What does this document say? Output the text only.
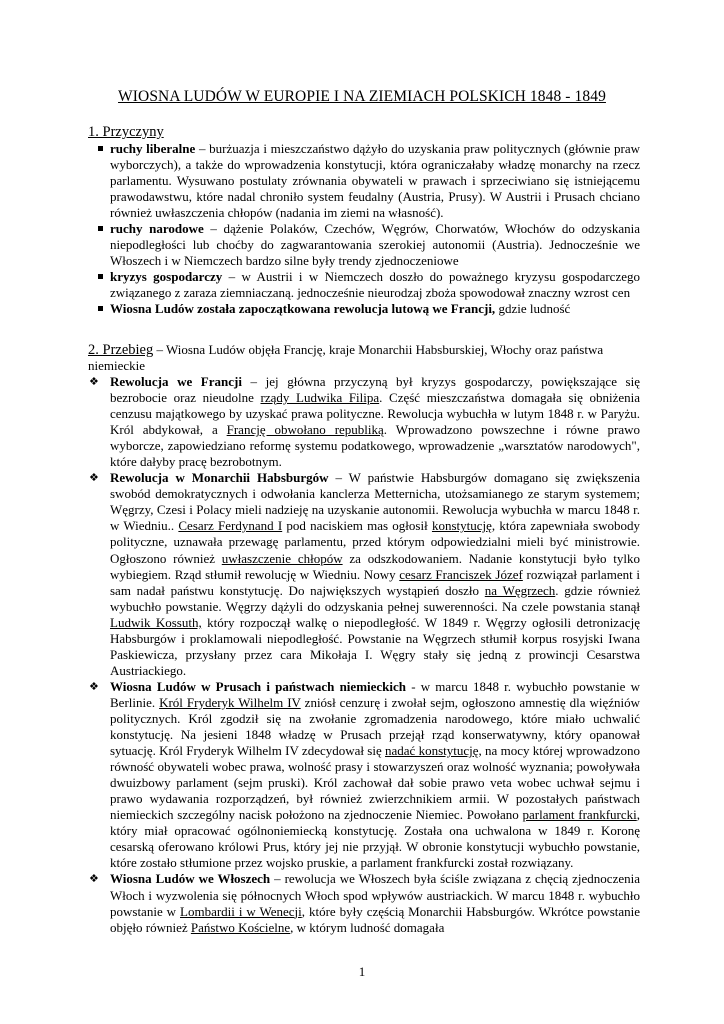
WIOSNA LUDÓW W EUROPIE I NA ZIEMIACH POLSKICH 1848 - 1849
1. Przyczyny
ruchy liberalne – burżuazja i mieszczaństwo dążyło do uzyskania praw politycznych (głównie praw wyborczych), a także do wprowadzenia konstytucji, która ograniczałaby władzę monarchy na rzecz parlamentu. Wysuwano postulaty zrównania obywateli w prawach i sprzeciwiano się istniejącemu prawodawstwu, które nadal chroniło system feudalny (Austria, Prusy). W Austrii i Prusach chciano również uwłaszczenia chłopów (nadania im ziemi na własność).
ruchy narodowe – dążenie Polaków, Czechów, Węgrów, Chorwatów, Włochów do odzyskania niepodległości lub choćby do zagwarantowania szerokiej autonomii (Austria). Jednocześnie we Włoszech i w Niemczech bardzo silne były trendy zjednoczeniowe
kryzys gospodarczy – w Austrii i w Niemczech doszło do poważnego kryzysu gospodarczego związanego z zaraza ziemniaczaną. jednocześnie nieurodzaj zboża spowodował znaczny wzrost cen
Wiosna Ludów została zapoczątkowana rewolucja lutową we Francji, gdzie ludność
2. Przebieg – Wiosna Ludów objęła Francję, kraje Monarchii Habsburskiej, Włochy oraz państwa niemieckie
❖ Rewolucja we Francji – jej główna przyczyną był kryzys gospodarczy, powiększające się bezrobocie oraz nieudolne rządy Ludwika Filipa. Część mieszczaństwa domagała się obniżenia cenzusu majątkowego by uzyskać prawa polityczne. Rewolucja wybuchła w lutym 1848 r. w Paryżu. Król abdykował, a Francję obwołano republiką. Wprowadzono powszechne i równe prawo wyborcze, zapowiedziano reformę systemu podatkowego, wprowadzenie „warsztatów narodowych", które dałyby pracę bezrobotnym.
❖ Rewolucja w Monarchii Habsburgów – W państwie Habsburgów domagano się zwiększenia swobód demokratycznych i odwołania kanclerza Metternicha, utożsamianego ze starym systemem; Węgrzy, Czesi i Polacy mieli nadzieję na uzyskanie autonomii. Rewolucja wybuchła w marcu 1848 r. w Wiedniu.. Cesarz Ferdynand I pod naciskiem mas ogłosił konstytucję, która zapewniała swobody polityczne, uznawała przewagę parlamentu, przed którym odpowiedzialni mieli być ministrowie. Ogłoszono również uwłaszczenie chłopów za odszkodowaniem. Nadanie konstytucji było tylko wybiegiem. Rząd stłumił rewolucję w Wiedniu. Nowy cesarz Franciszek Józef rozwiązał parlament i sam nadał państwu konstytucję. Do największych wystąpień doszło na Węgrzech. gdzie również wybuchło powstanie. Węgrzy dążyli do odzyskania pełnej suwerenności. Na czele powstania stanął Ludwik Kossuth, który rozpoczął walkę o niepodległość. W 1849 r. Węgrzy ogłosili detronizację Habsburgów i proklamowali niepodległość. Powstanie na Węgrzech stłumił korpus rosyjski Iwana Paskiewicza, przysłany przez cara Mikołaja I. Węgry stały się jedną z prowincji Cesarstwa Austriackiego.
❖ Wiosna Ludów w Prusach i państwach niemieckich - w marcu 1848 r. wybuchło powstanie w Berlinie. Król Fryderyk Wilhelm IV zniósł cenzurę i zwołał sejm, ogłoszono amnestię dla więźniów politycznych. Król zgodził się na zwołanie zgromadzenia narodowego, które miało uchwalić konstytucję. Na jesieni 1848 władzę w Prusach przejął rząd konserwatywny, który opanował sytuację. Król Fryderyk Wilhelm IV zdecydował się nadać konstytucję, na mocy której wprowadzono równość obywateli wobec prawa, wolność prasy i stowarzyszeń oraz wolność wyznania; powoływała dwuizbowy parlament (sejm pruski). Król zachował dał sobie prawo veta wobec uchwał sejmu i prawo wydawania rozporządzeń, był również zwierzchnikiem armii. W pozostałych państwach niemieckich szczególny nacisk położono na zjednoczenie Niemiec. Powołano parlament frankfurcki, który miał opracować ogólnoniemiecką konstytucję. Została ona uchwalona w 1849 r. Koronę cesarską oferowano królowi Prus, który jej nie przyjął. W obronie konstytucji wybuchło powstanie, które zostało stłumione przez wojsko pruskie, a parlament frankfurcki został rozwiązany.
❖ Wiosna Ludów we Włoszech – rewolucja we Włoszech była ściśle związana z chęcią zjednoczenia Włoch i wyzwolenia się północnych Włoch spod wpływów austriackich. W marcu 1848 r. wybuchło powstanie w Lombardii i w Wenecji, które były częścią Monarchii Habsburgów. Wkrótce powstanie objęło również Państwo Kościelne, w którym ludność domagała
1
